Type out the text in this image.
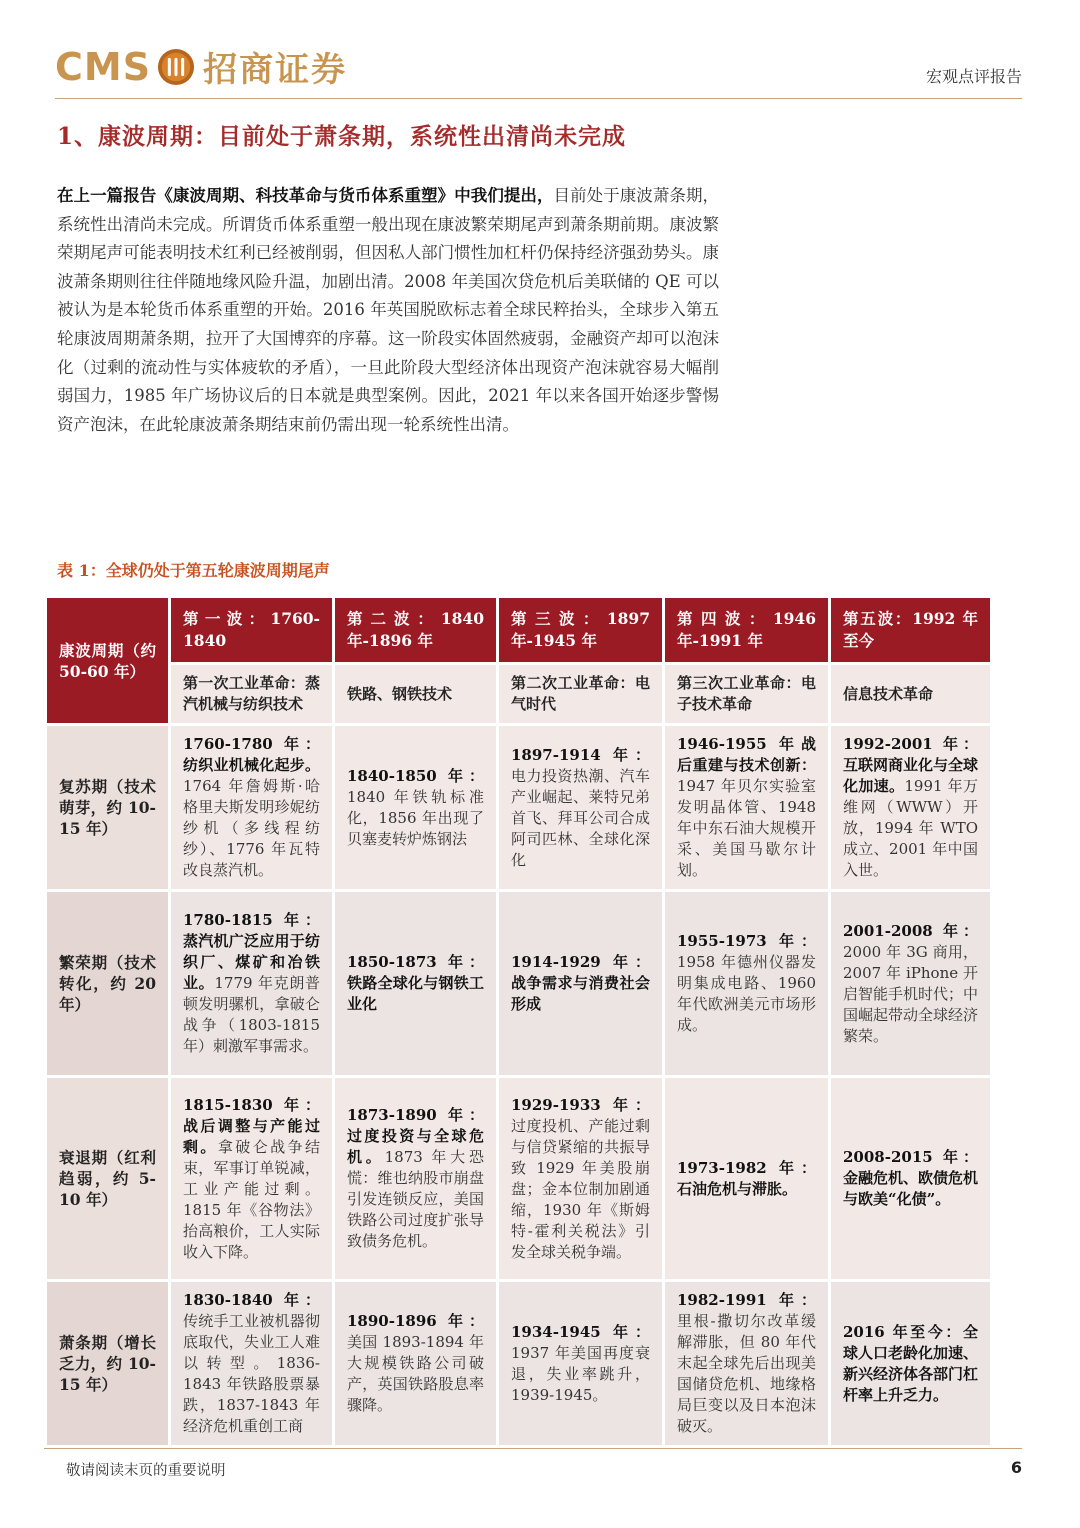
CMS 招商证券	宏观点评报告
1、康波周期：目前处于萧条期，系统性出清尚未完成
在上一篇报告《康波周期、科技革命与货币体系重塑》中我们提出，目前处于康波萧条期，系统性出清尚未完成。所谓货币体系重塑一般出现在康波繁荣期尾声到萧条期前期。康波繁荣期尾声可能表明技术红利已经被削弱，但因私人部门惯性加杠杆仍保持经济强劲势头。康波萧条期则往往伴随地缘风险升温，加剧出清。2008 年美国次贷危机后美联储的 QE 可以被认为是本轮货币体系重塑的开始。2016 年英国脱欧标志着全球民粹抬头，全球步入第五轮康波周期萧条期，拉开了大国博弈的序幕。这一阶段实体固然疲弱，金融资产却可以泡沫化（过剩的流动性与实体疲软的矛盾），一旦此阶段大型经济体出现资产泡沫就容易大幅削弱国力，1985 年广场协议后的日本就是典型案例。因此，2021 年以来各国开始逐步警惕资产泡沫，在此轮康波萧条期结束前仍需出现一轮系统性出清。
表 1：全球仍处于第五轮康波周期尾声
康波周期（约 50-60 年）	第一波：1760-1840	第二波：1840 年-1896 年	第三波：1897 年-1945 年	第四波：1946 年-1991 年	第五波：1992 年至今
	第一次工业革命：蒸汽机械与纺织技术	铁路、钢铁技术	第二次工业革命：电气时代	第三次工业革命：电子技术革命	信息技术革命
复苏期（技术萌芽，约 10-15 年）	1760-1780 年：纺织业机械化起步。1764 年詹姆斯·哈格里夫斯发明珍妮纺纱机（多线程纺纱）、1776 年瓦特改良蒸汽机。	1840-1850 年：1840 年铁轨标准化，1856 年出现了贝塞麦转炉炼钢法	1897-1914 年：电力投资热潮、汽车产业崛起、莱特兄弟首飞、拜耳公司合成阿司匹林、全球化深化	1946-1955 年战后重建与技术创新：1947 年贝尔实验室发明晶体管、1948 年中东石油大规模开采、美国马歇尔计划。	1992-2001 年：互联网商业化与全球化加速。1991 年万维网（WWW）开放，1994 年 WTO 成立、2001 年中国入世。
繁荣期（技术转化，约 20 年）	1780-1815 年：蒸汽机广泛应用于纺织厂、煤矿和冶铁业。1779 年克朗普顿发明骡机，拿破仑战争（1803-1815 年）刺激军事需求。	1850-1873 年：铁路全球化与钢铁工业化	1914-1929 年：战争需求与消费社会形成	1955-1973 年：1958 年德州仪器发明集成电路、1960 年代欧洲美元市场形成。	2001-2008 年：2000 年 3G 商用，2007 年 iPhone 开启智能手机时代；中国崛起带动全球经济繁荣。
衰退期（红利趋弱，约 5-10 年）	1815-1830 年：战后调整与产能过剩。拿破仑战争结束，军事订单锐减，工业产能过剩。1815 年《谷物法》抬高粮价，工人实际收入下降。	1873-1890 年：过度投资与全球危机。1873 年大恐慌：维也纳股市崩盘引发连锁反应，美国铁路公司过度扩张导致债务危机。	1929-1933 年：过度投机、产能过剩与信贷紧缩的共振导致 1929 年美股崩盘；金本位制加剧通缩，1930 年《斯姆特-霍利关税法》引发全球关税争端。	1973-1982 年：石油危机与滞胀。	2008-2015 年：金融危机、欧债危机与欧美“化债”。
萧条期（增长乏力，约 10-15 年）	1830-1840 年：传统手工业被机器彻底取代，失业工人难以转型。1836-1843 年铁路股票暴跌，1837-1843 年经济危机重创工商	1890-1896 年：美国 1893-1894 年大规模铁路公司破产，英国铁路股息率骤降。	1934-1945 年：1937 年美国再度衰退，失业率跳升，1939-1945。	1982-1991 年：里根-撒切尔改革缓解滞胀，但 80 年代末起全球先后出现美国储贷危机、地缘格局巨变以及日本泡沫破灭。	2016 年至今：全球人口老龄化加速、新兴经济体各部门杠杆率上升乏力。
敬请阅读末页的重要说明	6
